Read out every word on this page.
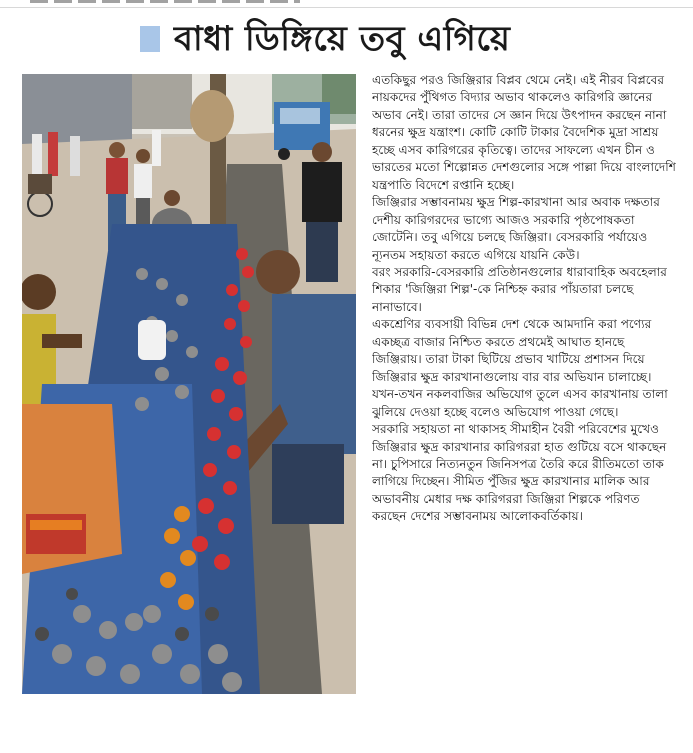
বাধা ডিঙ্গিয়ে তবু এগিয়ে

এতকিছুর পরও জিঞ্জিরার বিপ্লব থেমে নেই। এই নীরব বিপ্লবের নায়কদের পুঁথিগত বিদ্যার অভাব থাকলেও কারিগরি জ্ঞানের অভাব নেই। তারা তাদের সে জ্ঞান দিয়ে উৎপাদন করছেন নানা ধরনের ক্ষুদ্র যন্ত্রাংশ। কোটি কোটি টাকার বৈদেশিক মুদ্রা সাশ্রয় হচ্ছে এসব কারিগরের কৃতিত্বে। তাদের সাফল্যে এখন চীন ও ভারতের মতো শিল্পোন্নত দেশগুলোর সঙ্গে পাল্লা দিয়ে বাংলাদেশি যন্ত্রপাতি বিদেশে রপ্তানি হচ্ছে।

জিঞ্জিরার সম্ভাবনাময় ক্ষুদ্র শিল্প-কারখানা আর অবাক দক্ষতার দেশীয় কারিগরদের ভাগ্যে আজও সরকারি পৃষ্ঠপোষকতা জোটেনি। তবু এগিয়ে চলছে জিঞ্জিরা। বেসরকারি পর্যায়েও ন্যূনতম সহায়তা করতে এগিয়ে যায়নি কেউ।

বরং সরকারি-বেসরকারি প্রতিষ্ঠানগুলোর ধারাবাহিক অবহেলার শিকার 'জিঞ্জিরা শিল্প'-কে নিশ্চিহ্ন করার পাঁয়তারা চলছে নানাভাবে।

একশ্রেণির ব্যবসায়ী বিভিন্ন দেশ থেকে আমদানি করা পণ্যের একচ্ছত্র বাজার নিশ্চিত করতে প্রথমেই আঘাত হানছে জিঞ্জিরায়। তারা টাকা ছিটিয়ে প্রভাব খাটিয়ে প্রশাসন দিয়ে জিঞ্জিরার ক্ষুদ্র কারখানাগুলোয় বার বার অভিযান চালাচ্ছে। যখন-তখন নকলবাজির অভিযোগ তুলে এসব কারখানায় তালা ঝুলিয়ে দেওয়া হচ্ছে বলেও অভিযোগ পাওয়া গেছে।

সরকারি সহায়তা না থাকাসহ সীমাহীন বৈরী পরিবেশের মুখেও জিঞ্জিরার ক্ষুদ্র কারখানার কারিগররা হাত গুটিয়ে বসে থাকছেন না। চুপিসারে নিত্যনতুন জিনিসপত্র তৈরি করে রীতিমতো তাক লাগিয়ে দিচ্ছেন। সীমিত পুঁজির ক্ষুদ্র কারখানার মালিক আর অভাবনীয় মেধার দক্ষ কারিগররা জিঞ্জিরা শিল্পকে পরিণত করছেন দেশের সম্ভাবনাময় আলোকবর্তিকায়।
